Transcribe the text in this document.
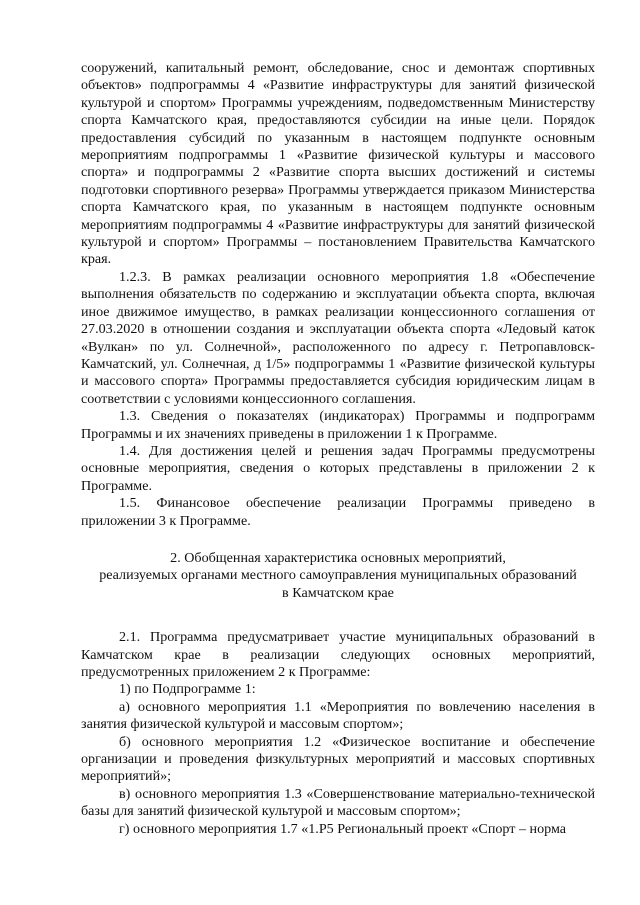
сооружений, капитальный ремонт, обследование, снос и демонтаж спортивных объектов» подпрограммы 4 «Развитие инфраструктуры для занятий физической культурой и спортом» Программы учреждениям, подведомственным Министерству спорта Камчатского края, предоставляются субсидии на иные цели. Порядок предоставления субсидий по указанным в настоящем подпункте основным мероприятиям подпрограммы 1 «Развитие физической культуры и массового спорта» и подпрограммы 2 «Развитие спорта высших достижений и системы подготовки спортивного резерва» Программы утверждается приказом Министерства спорта Камчатского края, по указанным в настоящем подпункте основным мероприятиям подпрограммы 4 «Развитие инфраструктуры для занятий физической культурой и спортом» Программы – постановлением Правительства Камчатского края.

1.2.3. В рамках реализации основного мероприятия 1.8 «Обеспечение выполнения обязательств по содержанию и эксплуатации объекта спорта, включая иное движимое имущество, в рамках реализации концессионного соглашения от 27.03.2020 в отношении создания и эксплуатации объекта спорта «Ледовый каток «Вулкан» по ул. Солнечной», расположенного по адресу г. Петропавловск-Камчатский, ул. Солнечная, д 1/5» подпрограммы 1 «Развитие физической культуры и массового спорта» Программы предоставляется субсидия юридическим лицам в соответствии с условиями концессионного соглашения.

1.3. Сведения о показателях (индикаторах) Программы и подпрограмм Программы и их значениях приведены в приложении 1 к Программе.

1.4. Для достижения целей и решения задач Программы предусмотрены основные мероприятия, сведения о которых представлены в приложении 2 к Программе.

1.5. Финансовое обеспечение реализации Программы приведено в приложении 3 к Программе.

2. Обобщенная характеристика основных мероприятий,
реализуемых органами местного самоуправления муниципальных образований
в Камчатском крае

2.1. Программа предусматривает участие муниципальных образований в Камчатском крае в реализации следующих основных мероприятий, предусмотренных приложением 2 к Программе:

1) по Подпрограмме 1:

а) основного мероприятия 1.1 «Мероприятия по вовлечению населения в занятия физической культурой и массовым спортом»;

б) основного мероприятия 1.2 «Физическое воспитание и обеспечение организации и проведения физкультурных мероприятий и массовых спортивных мероприятий»;

в) основного мероприятия 1.3 «Совершенствование материально-технической базы для занятий физической культурой и массовым спортом»;

г) основного мероприятия 1.7 «1.Р5 Региональный проект «Спорт – норма
